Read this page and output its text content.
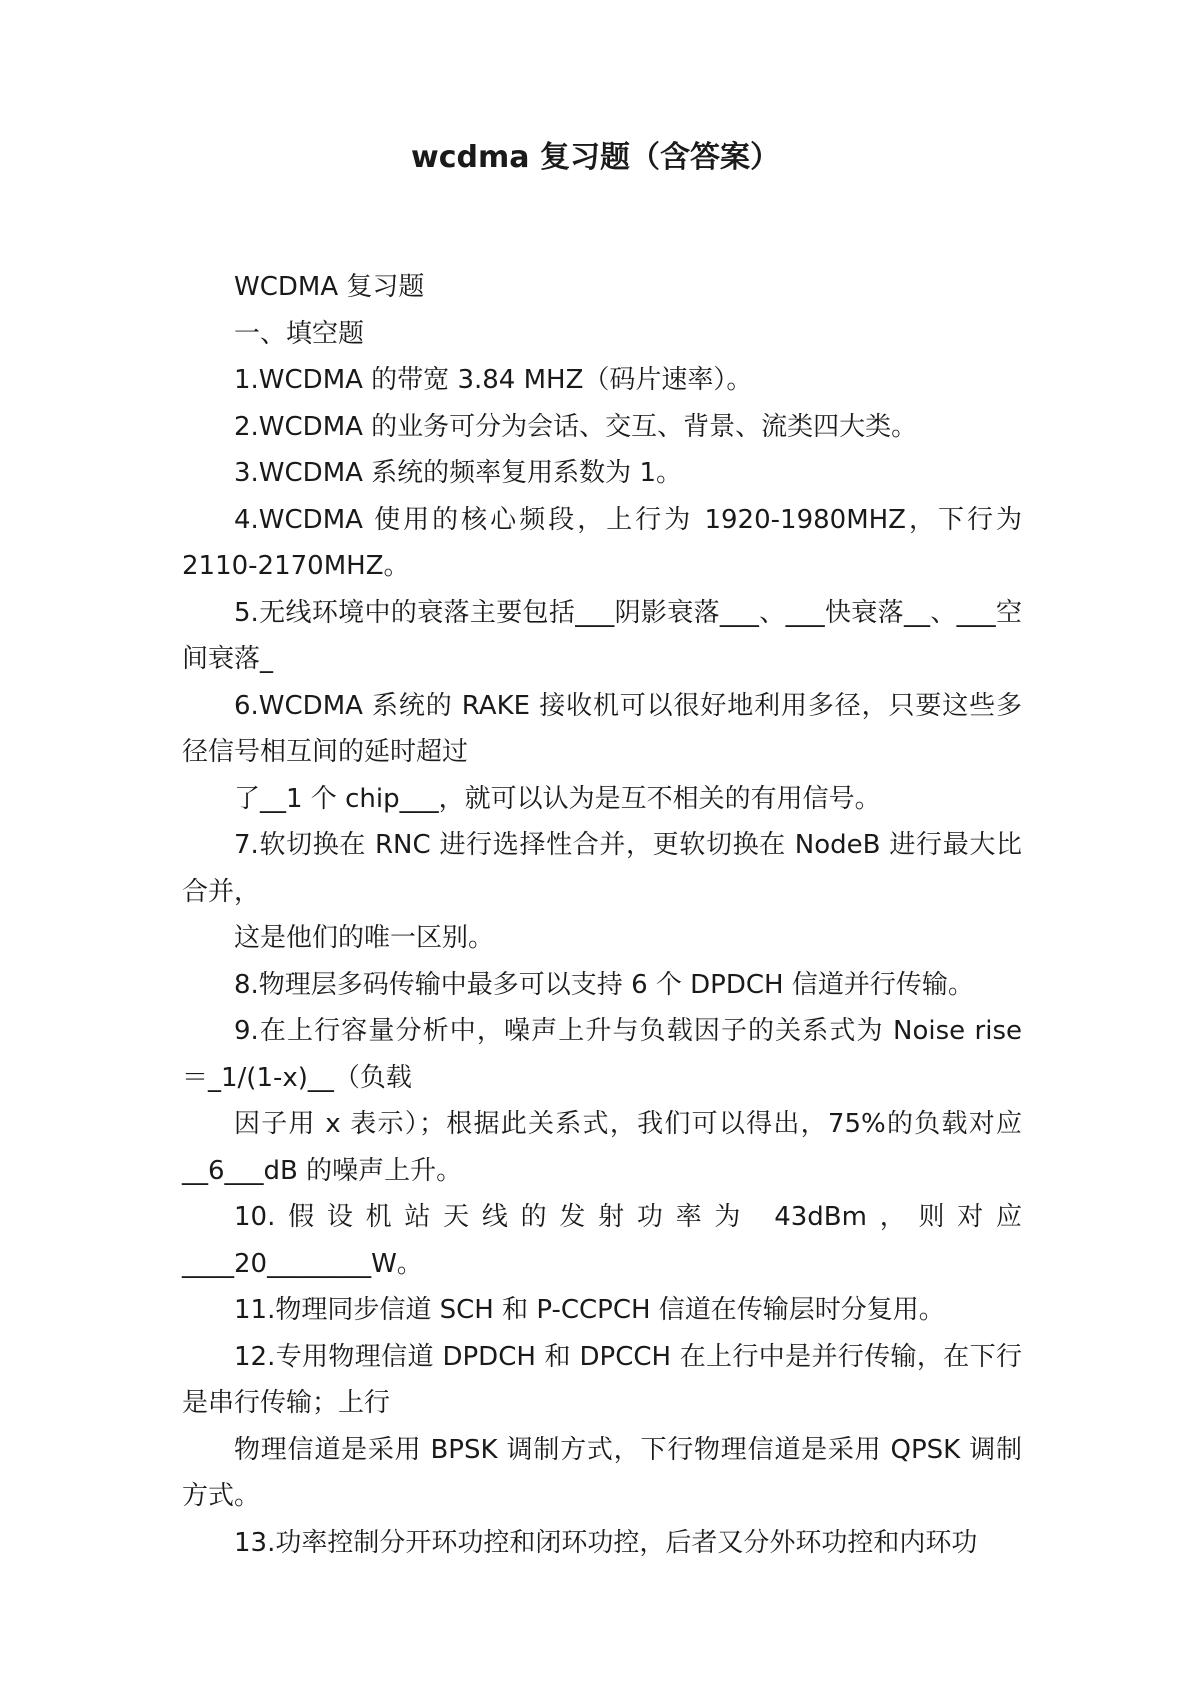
wcdma 复习题（含答案）

WCDMA 复习题

一、填空题

1.WCDMA 的带宽 3.84 MHZ（码片速率）。

2.WCDMA 的业务可分为会话、交互、背景、流类四大类。

3.WCDMA 系统的频率复用系数为 1。

4.WCDMA 使用的核心频段，上行为 1920-1980MHZ，下行为 2110-2170MHZ。

5.无线环境中的衰落主要包括___阴影衰落___、___快衰落__、___空间衰落_

6.WCDMA 系统的 RAKE 接收机可以很好地利用多径，只要这些多径信号相互间的延时超过

了__1 个 chip___，就可以认为是互不相关的有用信号。

7.软切换在 RNC 进行选择性合并，更软切换在 NodeB 进行最大比合并，

这是他们的唯一区别。

8.物理层多码传输中最多可以支持 6 个 DPDCH 信道并行传输。

9.在上行容量分析中，噪声上升与负载因子的关系式为 Noise rise ＝_1/(1-x)__（负载

因子用 x 表示）；根据此关系式，我们可以得出，75%的负载对应__6___dB 的噪声上升。

10.假设机站天线的发射功率为 43dBm，则对应____20________W。

11.物理同步信道 SCH 和 P-CCPCH 信道在传输层时分复用。

12.专用物理信道 DPDCH 和 DPCCH 在上行中是并行传输，在下行是串行传输；上行

物理信道是采用 BPSK 调制方式，下行物理信道是采用 QPSK 调制方式。

13.功率控制分开环功控和闭环功控，后者又分外环功控和内环功
